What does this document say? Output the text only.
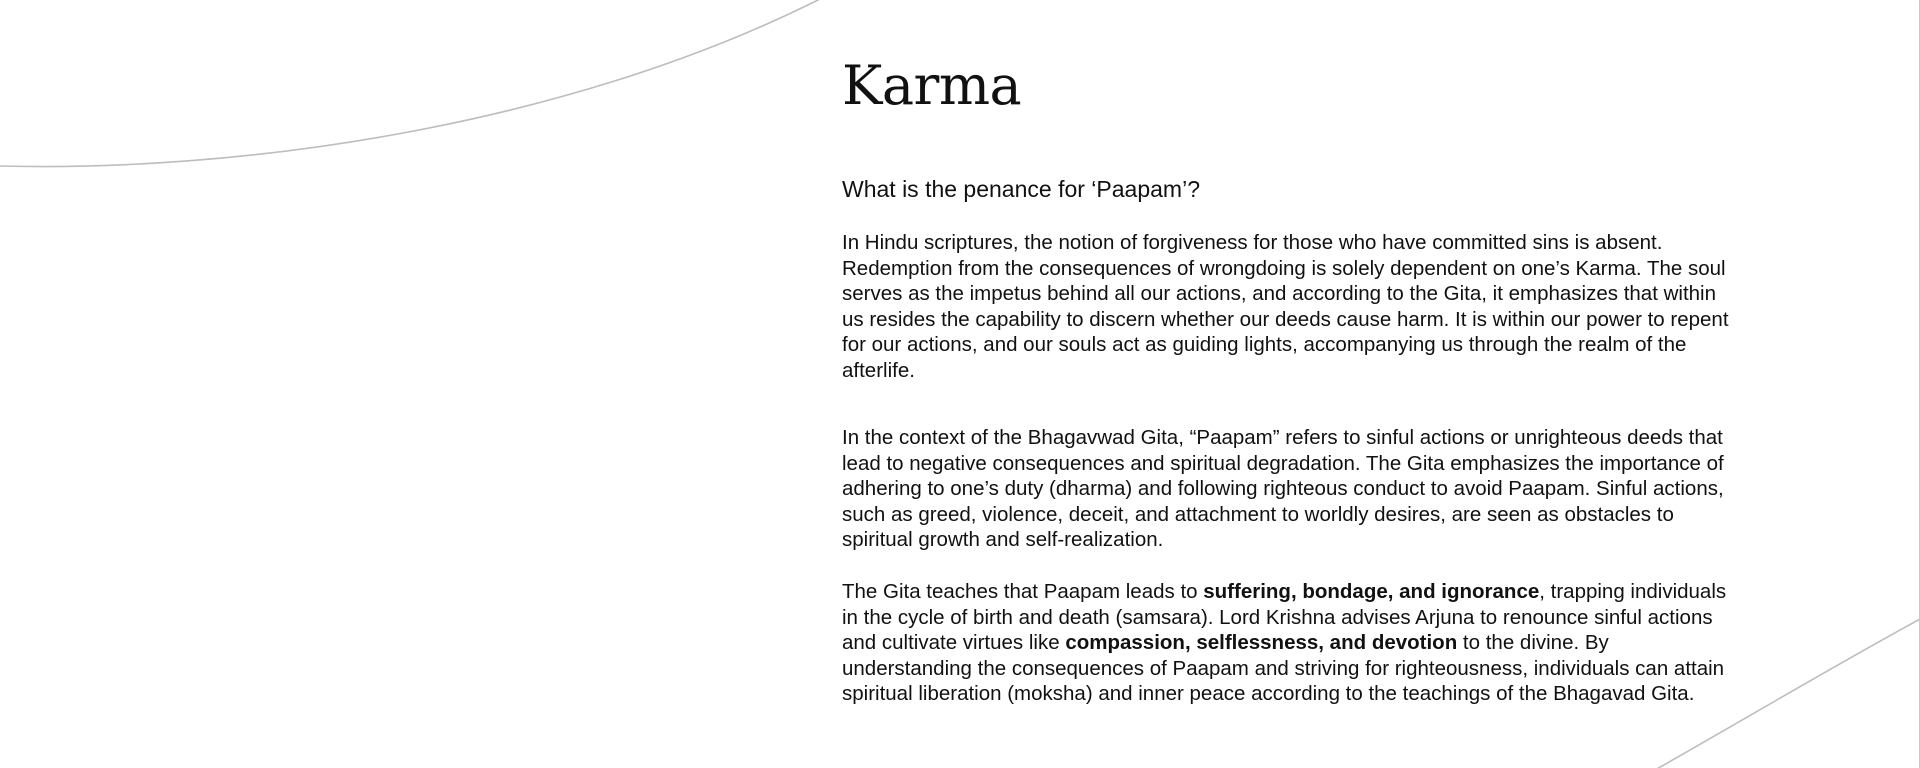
Karma
What is the penance for ‘Paapam’?

In Hindu scriptures, the notion of forgiveness for those who have committed sins is absent. Redemption from the consequences of wrongdoing is solely dependent on one’s Karma. The soul serves as the impetus behind all our actions, and according to the Gita, it emphasizes that within us resides the capability to discern whether our deeds cause harm. It is within our power to repent for our actions, and our souls act as guiding lights, accompanying us through the realm of the afterlife.

In the context of the Bhagavwad Gita, “Paapam” refers to sinful actions or unrighteous deeds that lead to negative consequences and spiritual degradation. The Gita emphasizes the importance of adhering to one’s duty (dharma) and following righteous conduct to avoid Paapam. Sinful actions, such as greed, violence, deceit, and attachment to worldly desires, are seen as obstacles to spiritual growth and self-realization.

The Gita teaches that Paapam leads to suffering, bondage, and ignorance, trapping individuals in the cycle of birth and death (samsara). Lord Krishna advises Arjuna to renounce sinful actions and cultivate virtues like compassion, selflessness, and devotion to the divine. By understanding the consequences of Paapam and striving for righteousness, individuals can attain spiritual liberation (moksha) and inner peace according to the teachings of the Bhagavad Gita.
